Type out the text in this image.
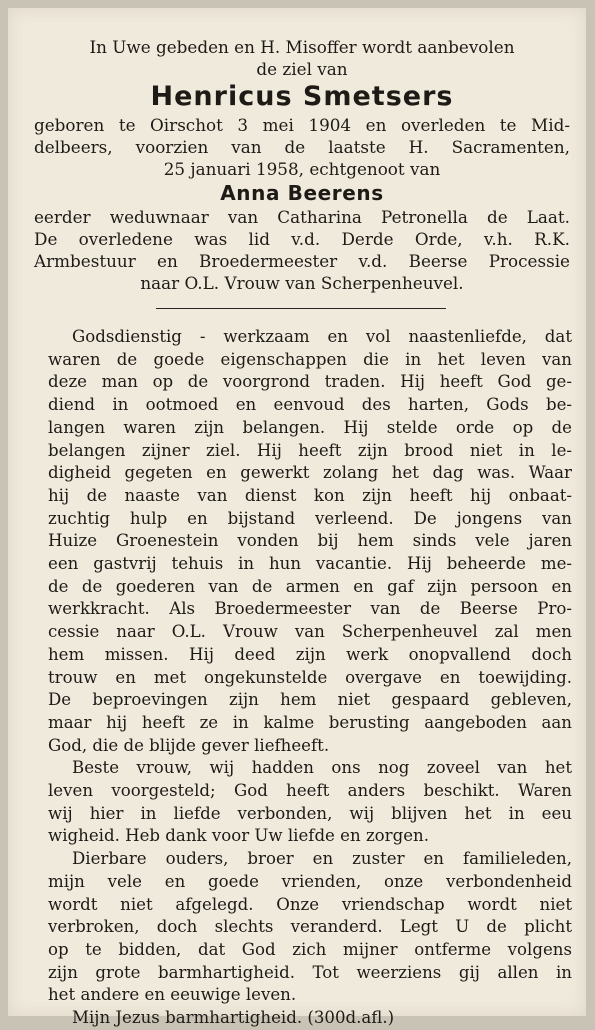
In Uwe gebeden en H. Misoffer wordt aanbevolen
de ziel van
Henricus Smetsers
geboren te Oirschot 3 mei 1904 en overleden te Mid-
delbeers, voorzien van de laatste H. Sacramenten,
25 januari 1958, echtgenoot van
Anna Beerens
eerder weduwnaar van Catharina Petronella de Laat.
De overledene was lid v.d. Derde Orde, v.h. R.K.
Armbestuur en Broedermeester v.d. Beerse Processie
naar O.L. Vrouw van Scherpenheuvel.
Godsdienstig - werkzaam en vol naastenliefde, dat
waren de goede eigenschappen die in het leven van
deze man op de voorgrond traden. Hij heeft God ge-
diend in ootmoed en eenvoud des harten, Gods be-
langen waren zijn belangen. Hij stelde orde op de
belangen zijner ziel. Hij heeft zijn brood niet in le-
digheid gegeten en gewerkt zolang het dag was. Waar
hij de naaste van dienst kon zijn heeft hij onbaat-
zuchtig hulp en bijstand verleend. De jongens van
Huize Groenestein vonden bij hem sinds vele jaren
een gastvrij tehuis in hun vacantie. Hij beheerde me-
de de goederen van de armen en gaf zijn persoon en
werkkracht. Als Broedermeester van de Beerse Pro-
cessie naar O.L. Vrouw van Scherpenheuvel zal men
hem missen. Hij deed zijn werk onopvallend doch
trouw en met ongekunstelde overgave en toewijding.
De beproevingen zijn hem niet gespaard gebleven,
maar hij heeft ze in kalme berusting aangeboden aan
God, die de blijde gever liefheeft.
Beste vrouw, wij hadden ons nog zoveel van het
leven voorgesteld; God heeft anders beschikt. Waren
wij hier in liefde verbonden, wij blijven het in eeu
wigheid. Heb dank voor Uw liefde en zorgen.
Dierbare ouders, broer en zuster en familieleden,
mijn vele en goede vrienden, onze verbondenheid
wordt niet afgelegd. Onze vriendschap wordt niet
verbroken, doch slechts veranderd. Legt U de plicht
op te bidden, dat God zich mijner ontferme volgens
zijn grote barmhartigheid. Tot weerziens gij allen in
het andere en eeuwige leven.
Mijn Jezus barmhartigheid. (300d.afl.)
